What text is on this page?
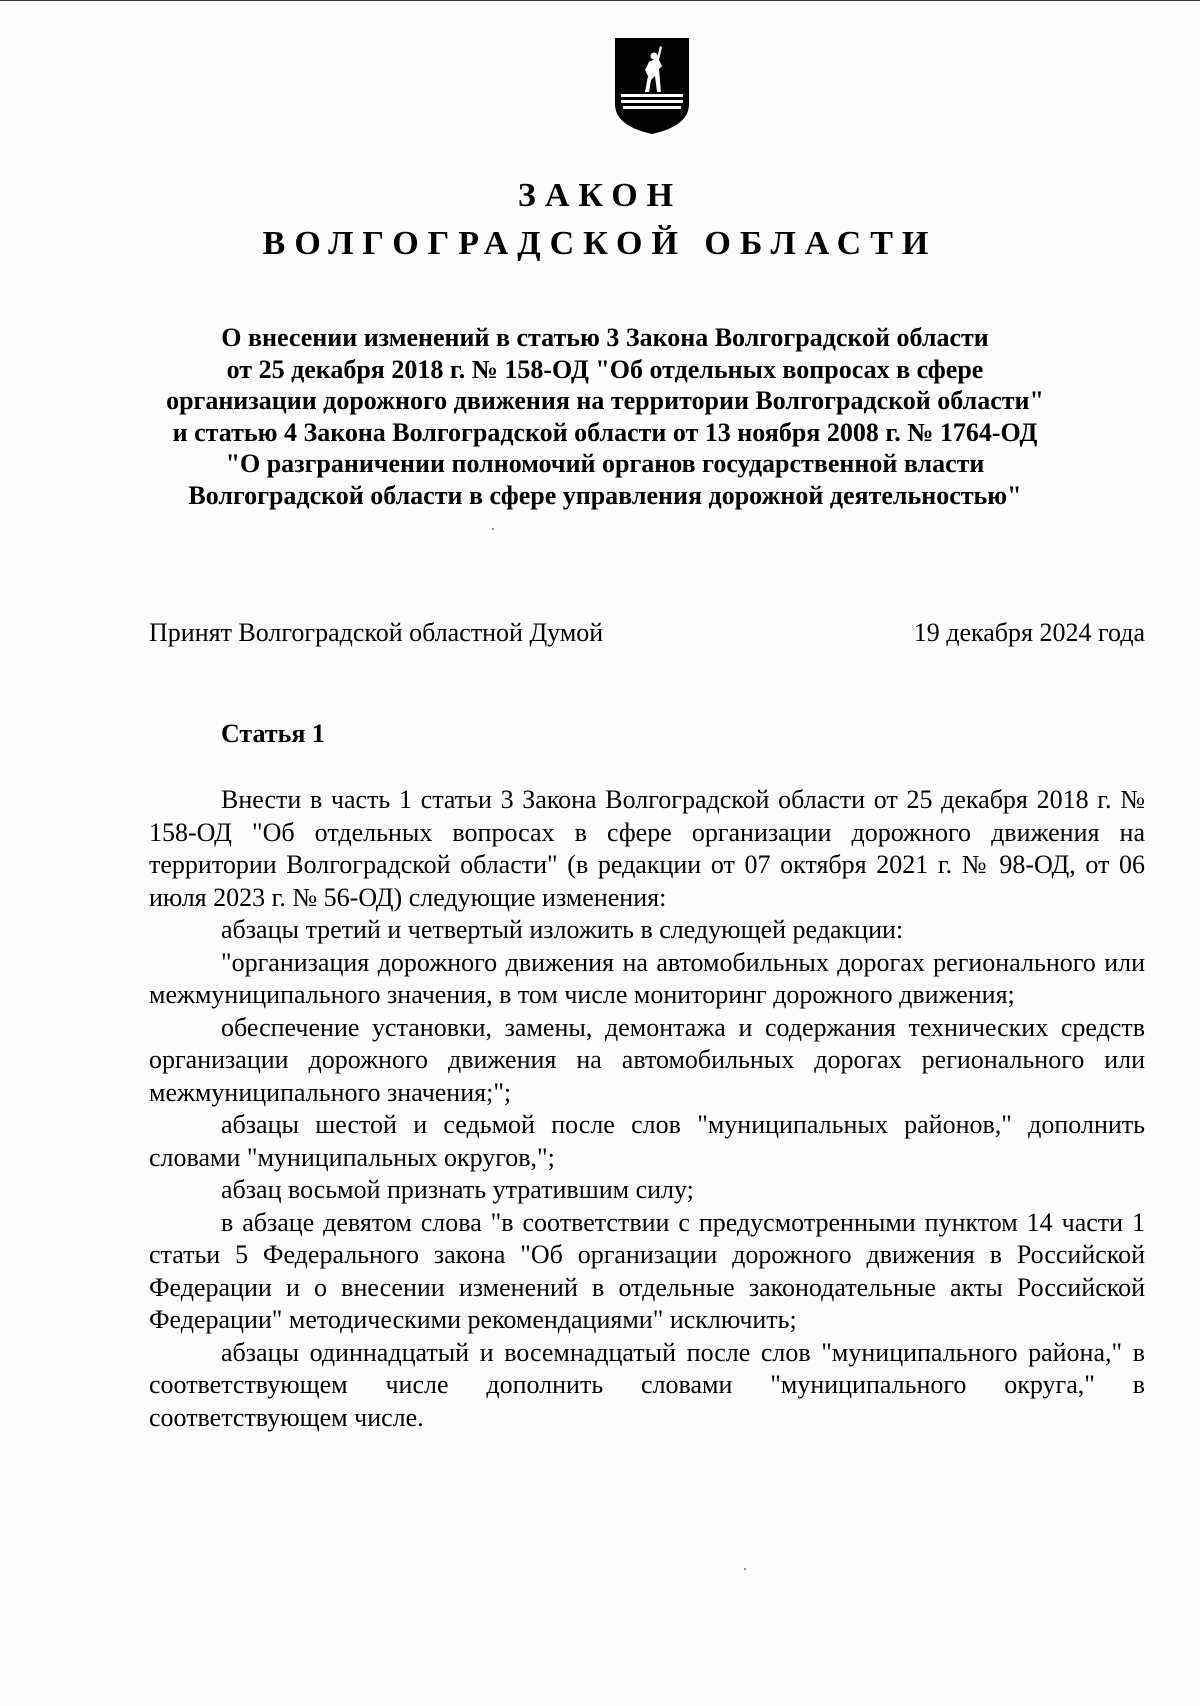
ЗАКОН
ВОЛГОГРАДСКОЙ ОБЛАСТИ
О внесении изменений в статью 3 Закона Волгоградской области
от 25 декабря 2018 г. № 158-ОД "Об отдельных вопросах в сфере
организации дорожного движения на территории Волгоградской области"
и статью 4 Закона Волгоградской области от 13 ноября 2008 г. № 1764-ОД
"О разграничении полномочий органов государственной власти
Волгоградской области в сфере управления дорожной деятельностью"
Принят Волгоградской областной Думой	19 декабря 2024 года
Статья 1

Внести в часть 1 статьи 3 Закона Волгоградской области от 25 декабря 2018 г. № 158-ОД "Об отдельных вопросах в сфере организации дорожного движения на территории Волгоградской области" (в редакции от 07 октября 2021 г. № 98-ОД, от 06 июля 2023 г. № 56-ОД) следующие изменения:

абзацы третий и четвертый изложить в следующей редакции:

"организация дорожного движения на автомобильных дорогах регионального или межмуниципального значения, в том числе мониторинг дорожного движения;

обеспечение установки, замены, демонтажа и содержания технических средств организации дорожного движения на автомобильных дорогах регионального или межмуниципального значения;";

абзацы шестой и седьмой после слов "муниципальных районов," дополнить словами "муниципальных округов,";

абзац восьмой признать утратившим силу;

в абзаце девятом слова "в соответствии с предусмотренными пунктом 14 части 1 статьи 5 Федерального закона "Об организации дорожного движения в Российской Федерации и о внесении изменений в отдельные законодательные акты Российской Федерации" методическими рекомендациями" исключить;

абзацы одиннадцатый и восемнадцатый после слов "муниципального района," в соответствующем числе дополнить словами "муниципального округа," в соответствующем числе.
